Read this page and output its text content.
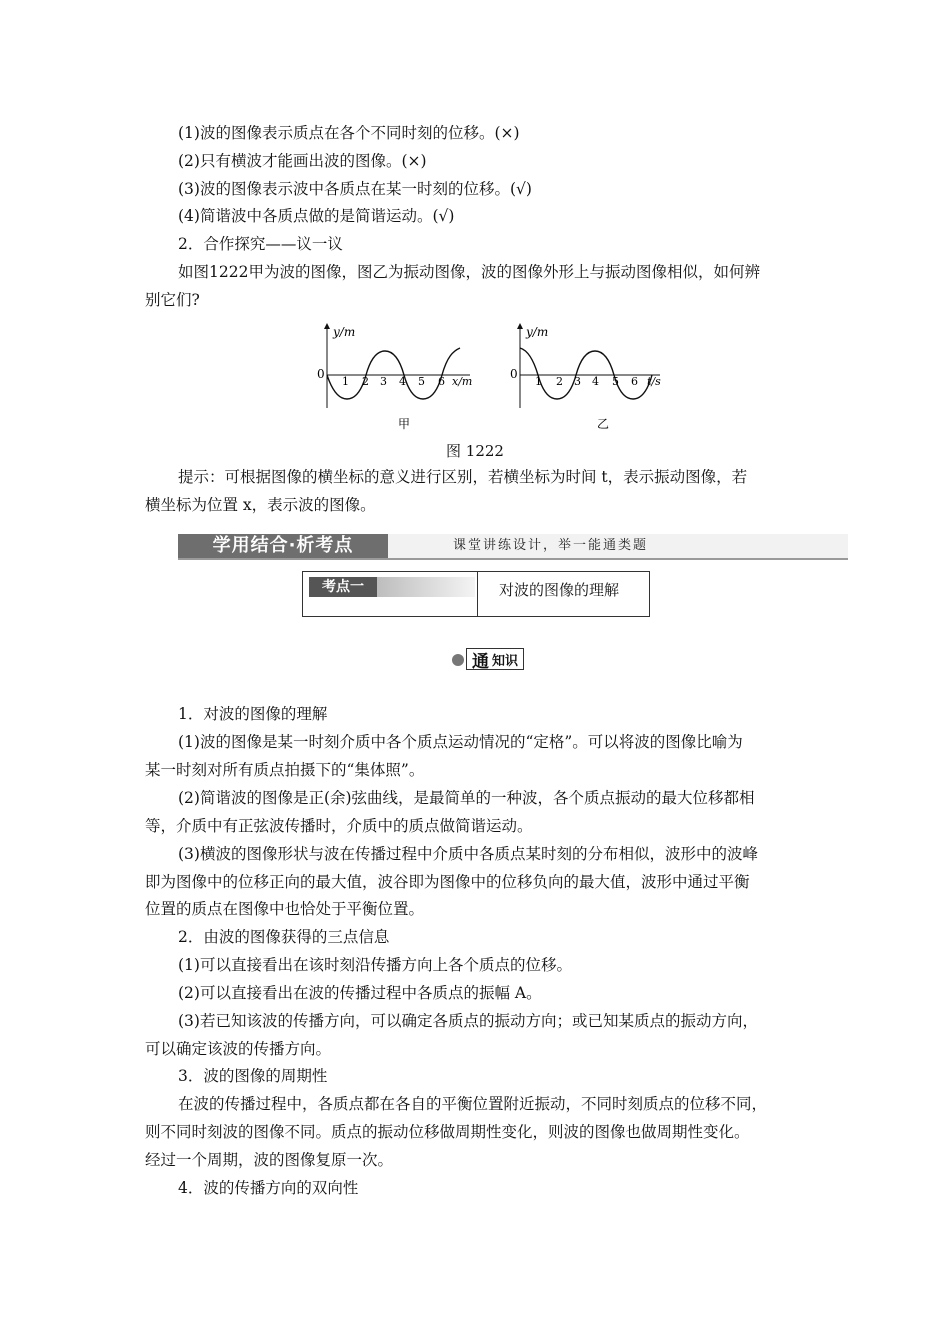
(1)波的图像表示质点在各个不同时刻的位移。(×)
(2)只有横波才能画出波的图像。(×)
(3)波的图像表示波中各质点在某一时刻的位移。(√)
(4)简谐波中各质点做的是简谐运动。(√)
2．合作探究——议一议
如图1222甲为波的图像，图乙为振动图像，波的图像外形上与振动图像相似，如何辨
别它们?
y/m
0
1 2 3 4 5 6 x/m
甲
y/m
0
1 2 3 4 5 6 t/s
乙
图 1222
提示：可根据图像的横坐标的意义进行区别，若横坐标为时间 t，表示振动图像，若
横坐标为位置 x，表示波的图像。
学用结合·析考点	课堂讲练设计，举一能通类题
考点一	对波的图像的理解
通 知识
1．对波的图像的理解
(1)波的图像是某一时刻介质中各个质点运动情况的“定格”。可以将波的图像比喻为
某一时刻对所有质点拍摄下的“集体照”。
(2)简谐波的图像是正(余)弦曲线，是最简单的一种波，各个质点振动的最大位移都相
等，介质中有正弦波传播时，介质中的质点做简谐运动。
(3)横波的图像形状与波在传播过程中介质中各质点某时刻的分布相似，波形中的波峰
即为图像中的位移正向的最大值，波谷即为图像中的位移负向的最大值，波形中通过平衡
位置的质点在图像中也恰处于平衡位置。
2．由波的图像获得的三点信息
(1)可以直接看出在该时刻沿传播方向上各个质点的位移。
(2)可以直接看出在波的传播过程中各质点的振幅 A。
(3)若已知该波的传播方向，可以确定各质点的振动方向；或已知某质点的振动方向，
可以确定该波的传播方向。
3．波的图像的周期性
在波的传播过程中，各质点都在各自的平衡位置附近振动，不同时刻质点的位移不同，
则不同时刻波的图像不同。质点的振动位移做周期性变化，则波的图像也做周期性变化。
经过一个周期，波的图像复原一次。
4．波的传播方向的双向性
